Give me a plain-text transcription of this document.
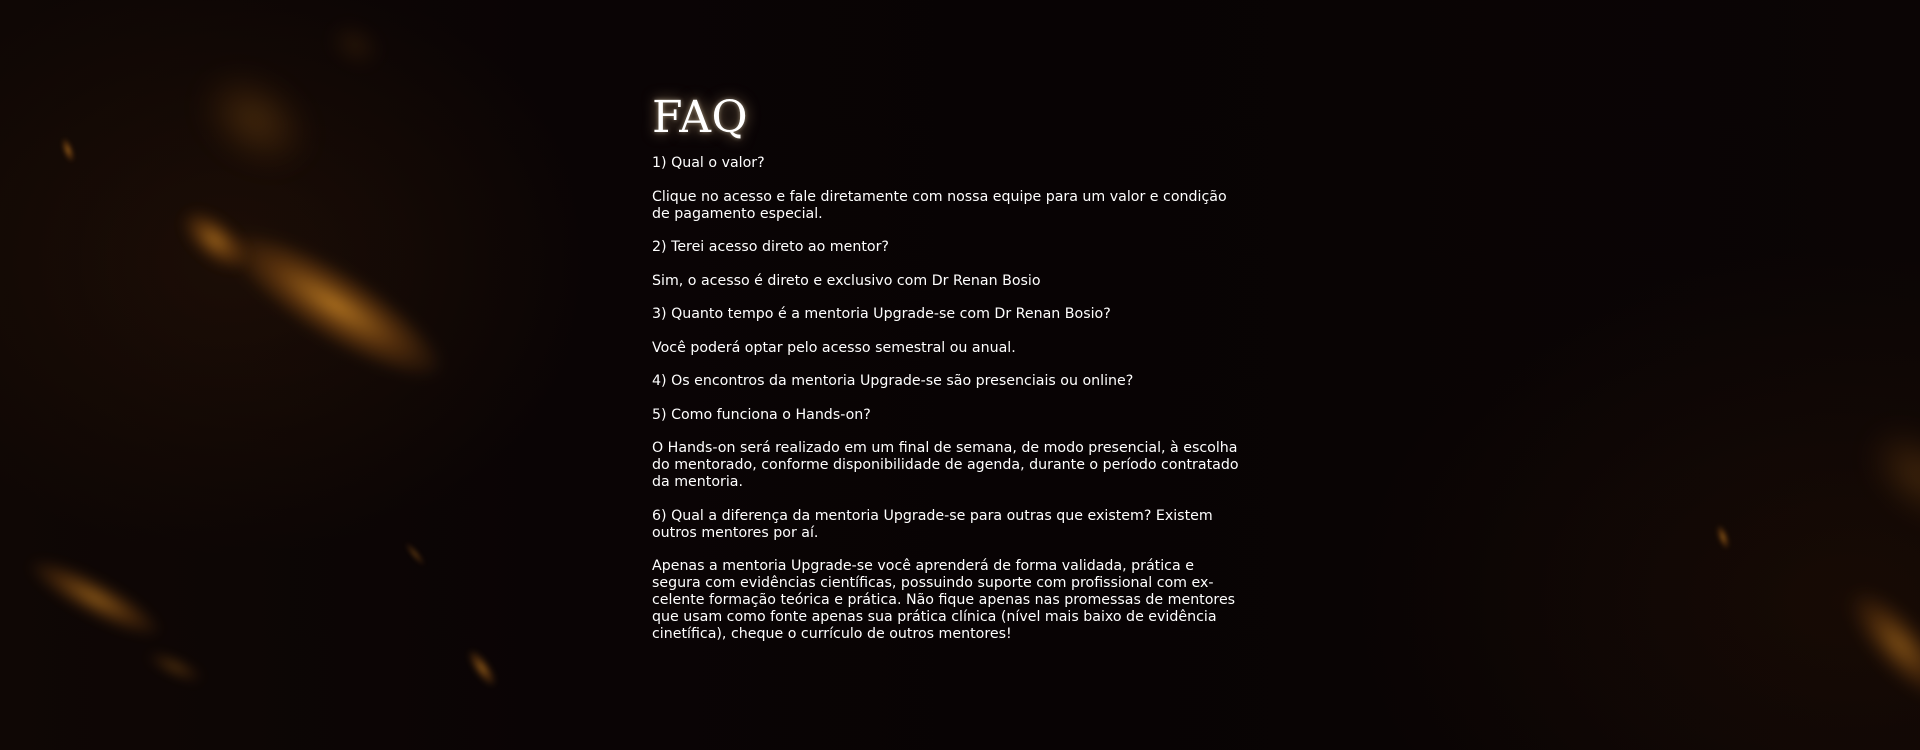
FAQ

1) Qual o valor?

Clique no acesso e fale diretamente com nossa equipe para um valor e condição
de pagamento especial.

2) Terei acesso direto ao mentor?

Sim, o acesso é direto e exclusivo com Dr Renan Bosio

3) Quanto tempo é a mentoria Upgrade-se com Dr Renan Bosio?

Você poderá optar pelo acesso semestral ou anual.

4) Os encontros da mentoria Upgrade-se são presenciais ou online?

5) Como funciona o Hands-on?

O Hands-on será realizado em um final de semana, de modo presencial, à escolha
do mentorado, conforme disponibilidade de agenda, durante o período contratado
da mentoria.

6) Qual a diferença da mentoria Upgrade-se para outras que existem? Existem
outros mentores por aí.

Apenas a mentoria Upgrade-se você aprenderá de forma validada, prática e
segura com evidências científicas, possuindo suporte com profissional com ex-
celente formação teórica e prática. Não fique apenas nas promessas de mentores
que usam como fonte apenas sua prática clínica (nível mais baixo de evidência
cinetífica), cheque o currículo de outros mentores!
